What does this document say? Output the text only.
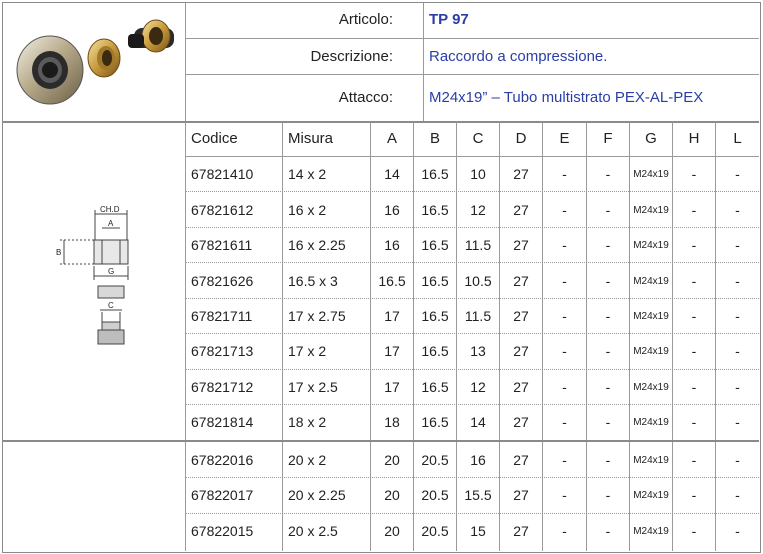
Articolo: TP 97
Descrizione: Raccordo a compressione.
Attacco: M24x19” – Tubo multistrato PEX-AL-PEX
Codice	Misura	A	B	C	D	E	F	G	H	L
CH.D
A
B
G
C
67821410	14 x 2	14	16.5	10	27	-	-	M24x19	-	-
67821612	16 x 2	16	16.5	12	27	-	-	M24x19	-	-
67821611	16 x 2.25	16	16.5	11.5	27	-	-	M24x19	-	-
67821626	16.5 x 3	16.5	16.5	10.5	27	-	-	M24x19	-	-
67821711	17 x 2.75	17	16.5	11.5	27	-	-	M24x19	-	-
67821713	17 x 2	17	16.5	13	27	-	-	M24x19	-	-
67821712	17 x 2.5	17	16.5	12	27	-	-	M24x19	-	-
67821814	18 x 2	18	16.5	14	27	-	-	M24x19	-	-
67822016	20 x 2	20	20.5	16	27	-	-	M24x19	-	-
67822017	20 x 2.25	20	20.5	15.5	27	-	-	M24x19	-	-
67822015	20 x 2.5	20	20.5	15	27	-	-	M24x19	-	-
